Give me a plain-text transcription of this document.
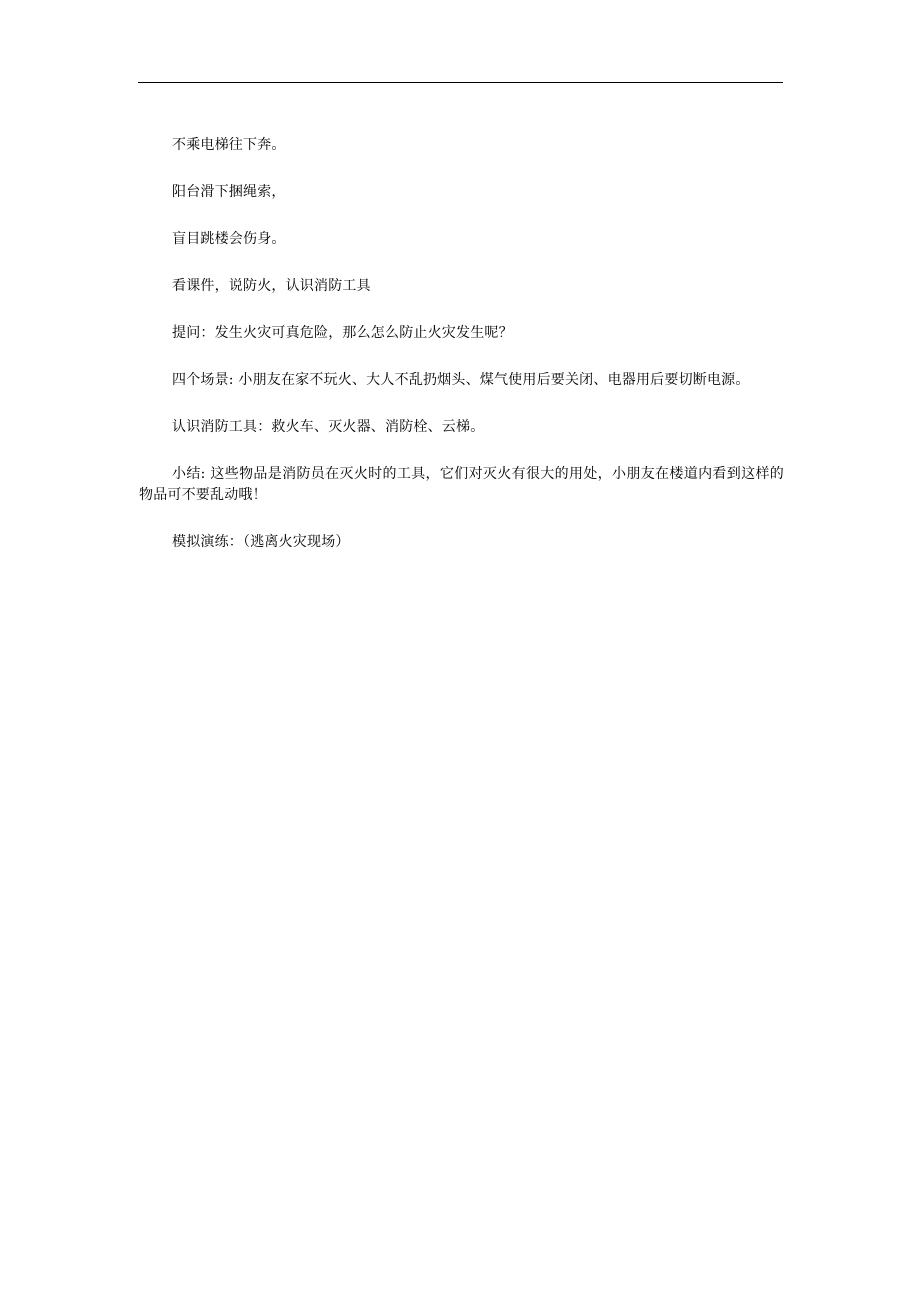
不乘电梯往下奔。

阳台滑下捆绳索，

盲目跳楼会伤身。

看课件，说防火，认识消防工具

提问：发生火灾可真危险，那么怎么防止火灾发生呢？

四个场景: 小朋友在家不玩火、大人不乱扔烟头、煤气使用后要关闭、电器用后要切断电源。

认识消防工具：救火车、灭火器、消防栓、云梯。

小结: 这些物品是消防员在灭火时的工具，它们对灭火有很大的用处，小朋友在楼道内看到这样的物品可不要乱动哦！

模拟演练：（逃离火灾现场）
